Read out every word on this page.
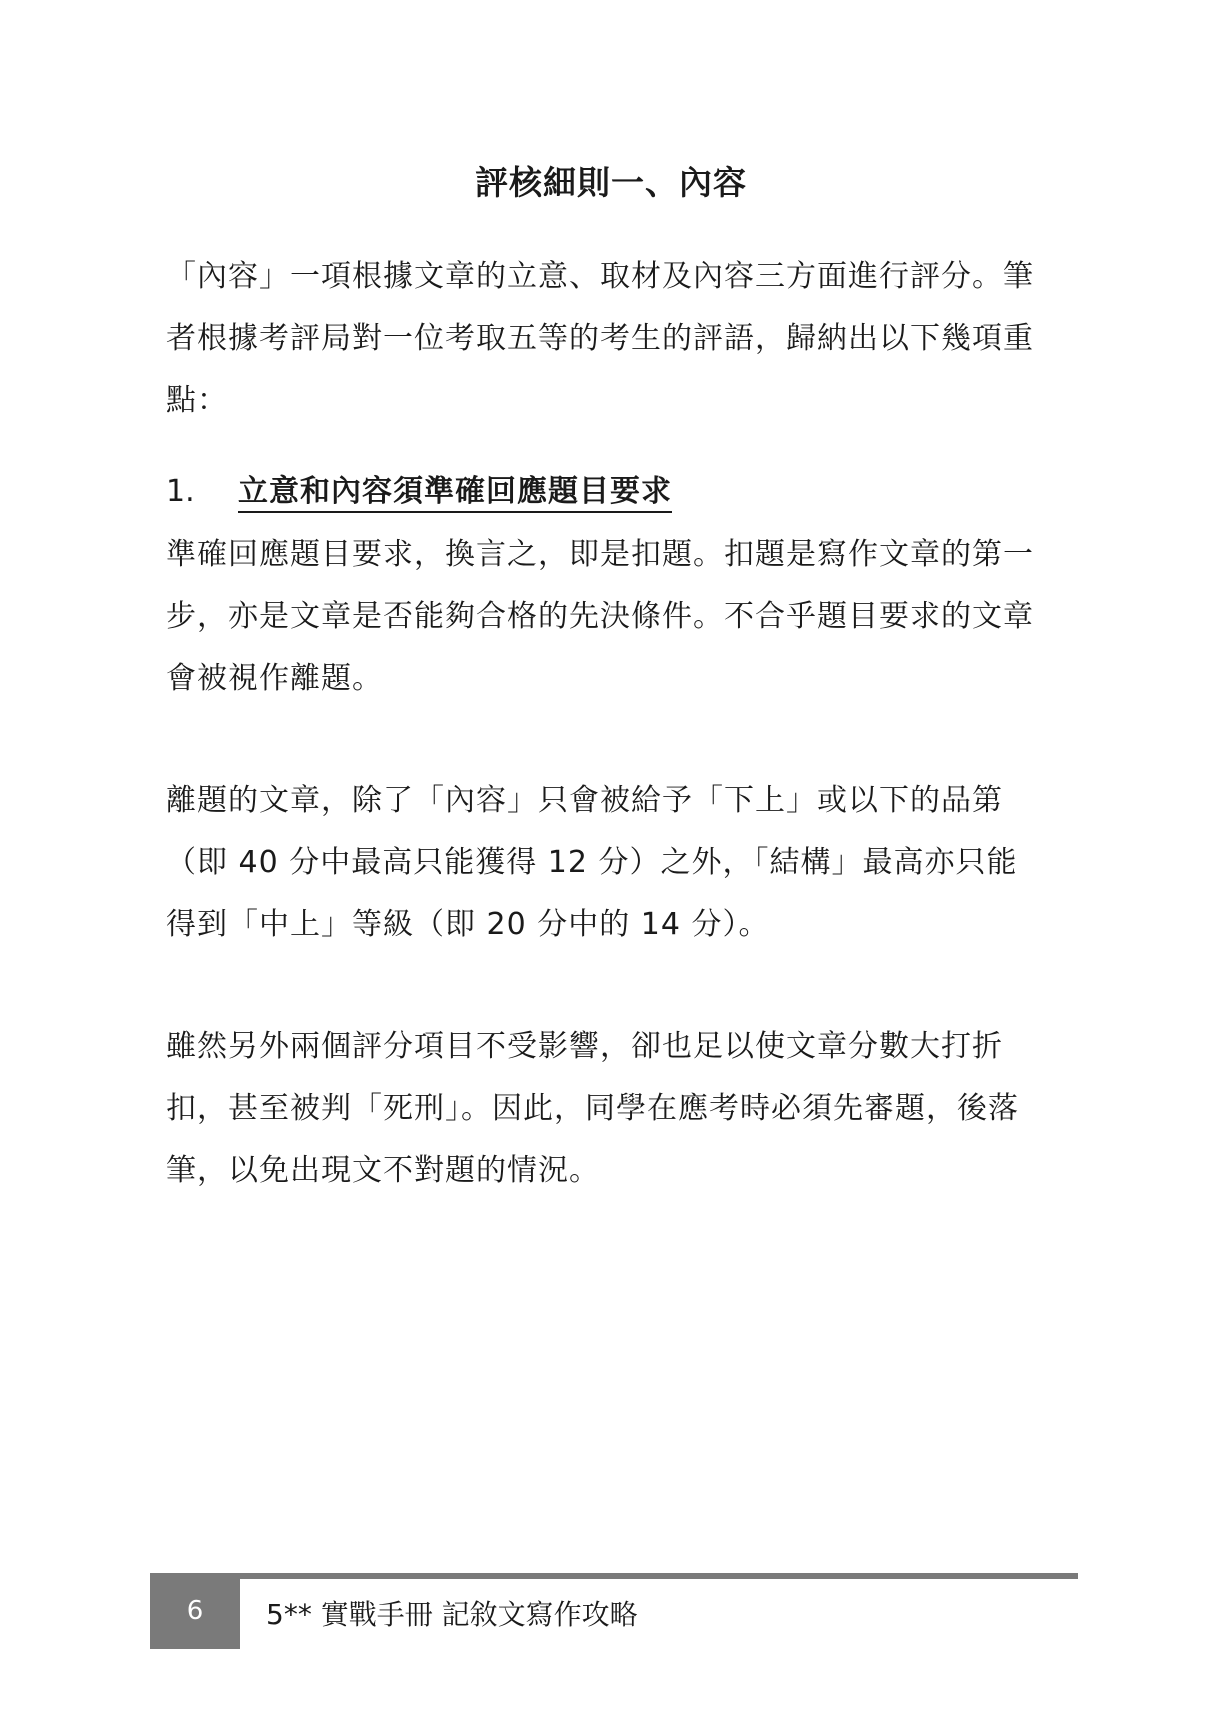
評核細則一、內容

「內容」一項根據文章的立意、取材及內容三方面進行評分。筆

者根據考評局對一位考取五等的考生的評語，歸納出以下幾項重

點：

1. 立意和內容須準確回應題目要求

準確回應題目要求，換言之，即是扣題。扣題是寫作文章的第一

步，亦是文章是否能夠合格的先決條件。不合乎題目要求的文章

會被視作離題。

離題的文章，除了「內容」只會被給予「下上」或以下的品第

（即 40 分中最高只能獲得 12 分）之外，「結構」最高亦只能

得到「中上」等級（即 20 分中的 14 分）。

雖然另外兩個評分項目不受影響，卻也足以使文章分數大打折

扣，甚至被判「死刑」。因此，同學在應考時必須先審題，後落

筆，以免出現文不對題的情況。

6	5** 實戰手冊 記敘文寫作攻略
